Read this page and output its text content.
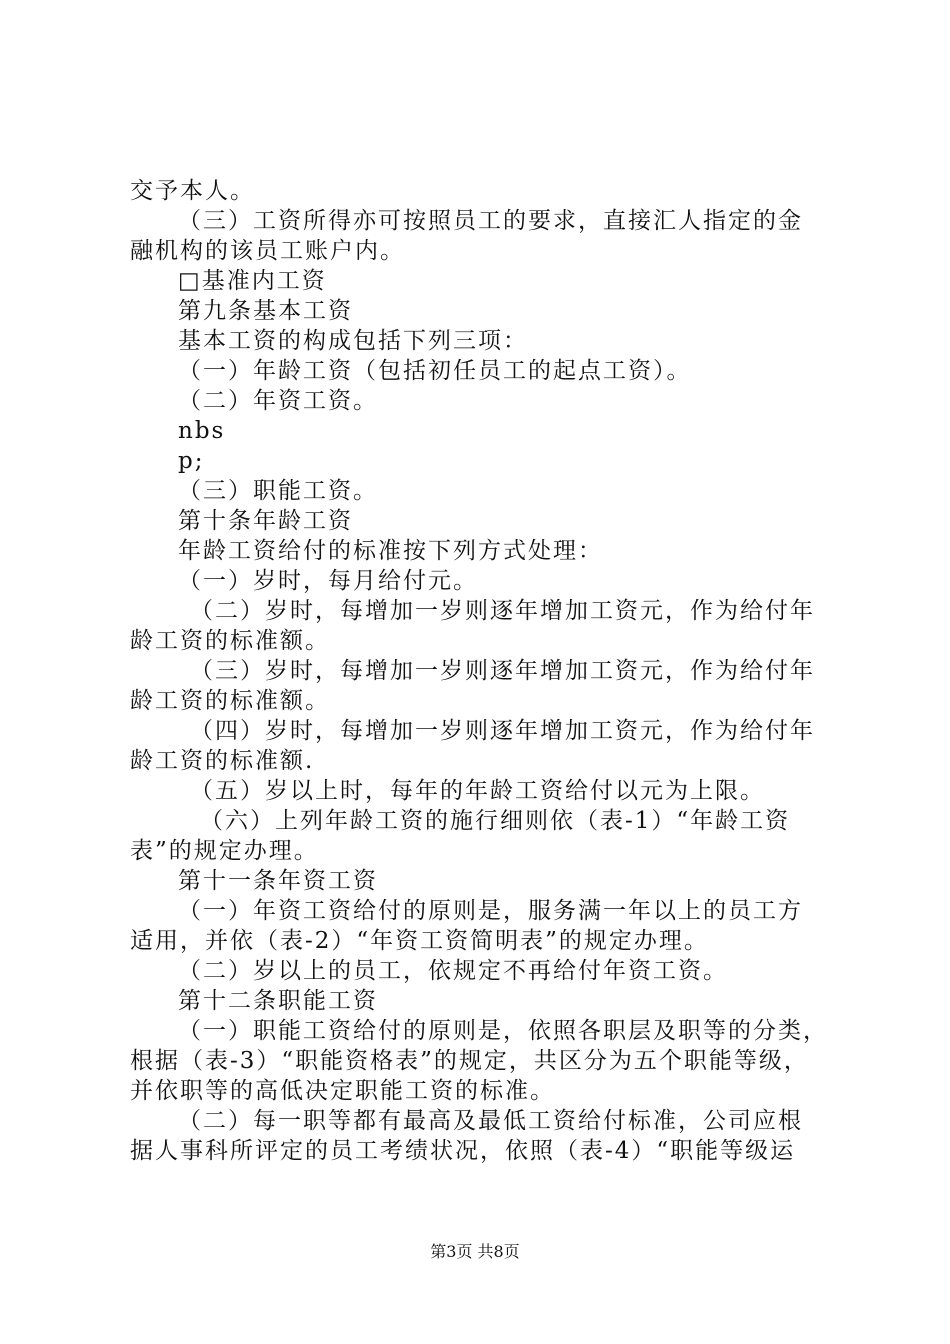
交予本人。
（三）工资所得亦可按照员工的要求，直接汇人指定的金
融机构的该员工账户内。
□基准内工资
第九条基本工资
基本工资的构成包括下列三项：
（一）年龄工资（包括初任员工的起点工资）。
（二）年资工资。
nbs
p;
（三）职能工资。
第十条年龄工资
年龄工资给付的标准按下列方式处理：
（一）岁时，每月给付元。
（二）岁时，每增加一岁则逐年增加工资元，作为给付年
龄工资的标准额。
（三）岁时，每增加一岁则逐年增加工资元，作为给付年
龄工资的标准额。
（四）岁时，每增加一岁则逐年增加工资元，作为给付年
龄工资的标准额.
（五）岁以上时，每年的年龄工资给付以元为上限。
（六）上列年龄工资的施行细则依（表-1）“年龄工资
表”的规定办理。
第十一条年资工资
（一）年资工资给付的原则是，服务满一年以上的员工方
适用，并依（表-2）“年资工资简明表”的规定办理。
（二）岁以上的员工，依规定不再给付年资工资。
第十二条职能工资
（一）职能工资给付的原则是，依照各职层及职等的分类，
根据（表-3）“职能资格表”的规定，共区分为五个职能等级，
并依职等的高低决定职能工资的标准。
（二）每一职等都有最高及最低工资给付标准，公司应根
据人事科所评定的员工考绩状况，依照（表-4）“职能等级运
第3页 共8页
